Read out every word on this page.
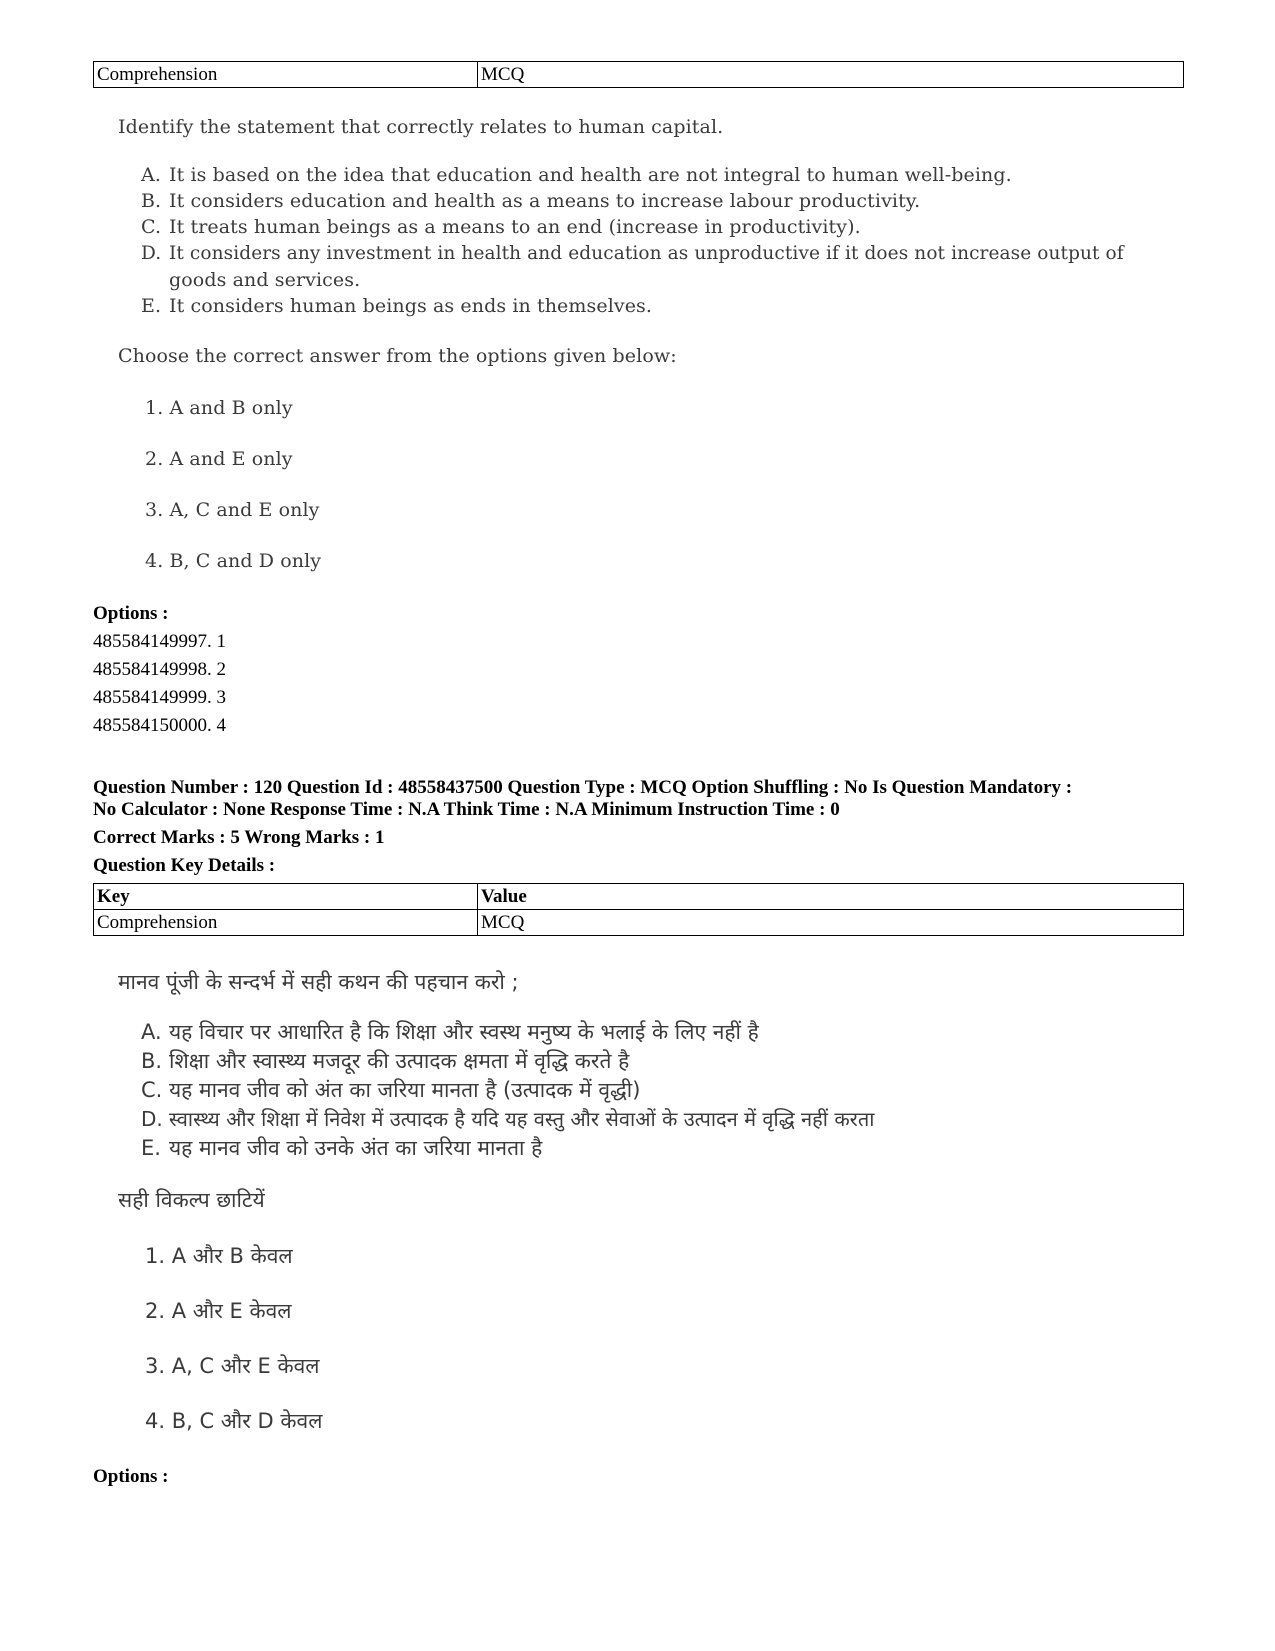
Comprehension	MCQ
Identify the statement that correctly relates to human capital.
A. It is based on the idea that education and health are not integral to human well-being.
B. It considers education and health as a means to increase labour productivity.
C. It treats human beings as a means to an end (increase in productivity).
D. It considers any investment in health and education as unproductive if it does not increase output of
goods and services.
E. It considers human beings as ends in themselves.
Choose the correct answer from the options given below:
1. A and B only
2. A and E only
3. A, C and E only
4. B, C and D only
Options :
485584149997. 1
485584149998. 2
485584149999. 3
485584150000. 4
Question Number : 120 Question Id : 48558437500 Question Type : MCQ Option Shuffling : No Is Question Mandatory :
No Calculator : None Response Time : N.A Think Time : N.A Minimum Instruction Time : 0
Correct Marks : 5 Wrong Marks : 1
Question Key Details :
Key	Value
Comprehension	MCQ
मानव पूंजी के सन्दर्भ में सही कथन की पहचान करो ;
A. यह विचार पर आधारित है कि शिक्षा और स्वस्थ मनुष्य के भलाई के लिए नहीं है
B. शिक्षा और स्वास्थ्य मजदूर की उत्पादक क्षमता में वृद्धि करते है
C. यह मानव जीव को अंत का जरिया मानता है (उत्पादक में वृद्धी)
D. स्वास्थ्य और शिक्षा में निवेश में उत्पादक है यदि यह वस्तु और सेवाओं के उत्पादन में वृद्धि नहीं करता
E. यह मानव जीव को उनके अंत का जरिया मानता है
सही विकल्प छाटियें
1. A और B केवल
2. A और E केवल
3. A, C और E केवल
4. B, C और D केवल
Options :
